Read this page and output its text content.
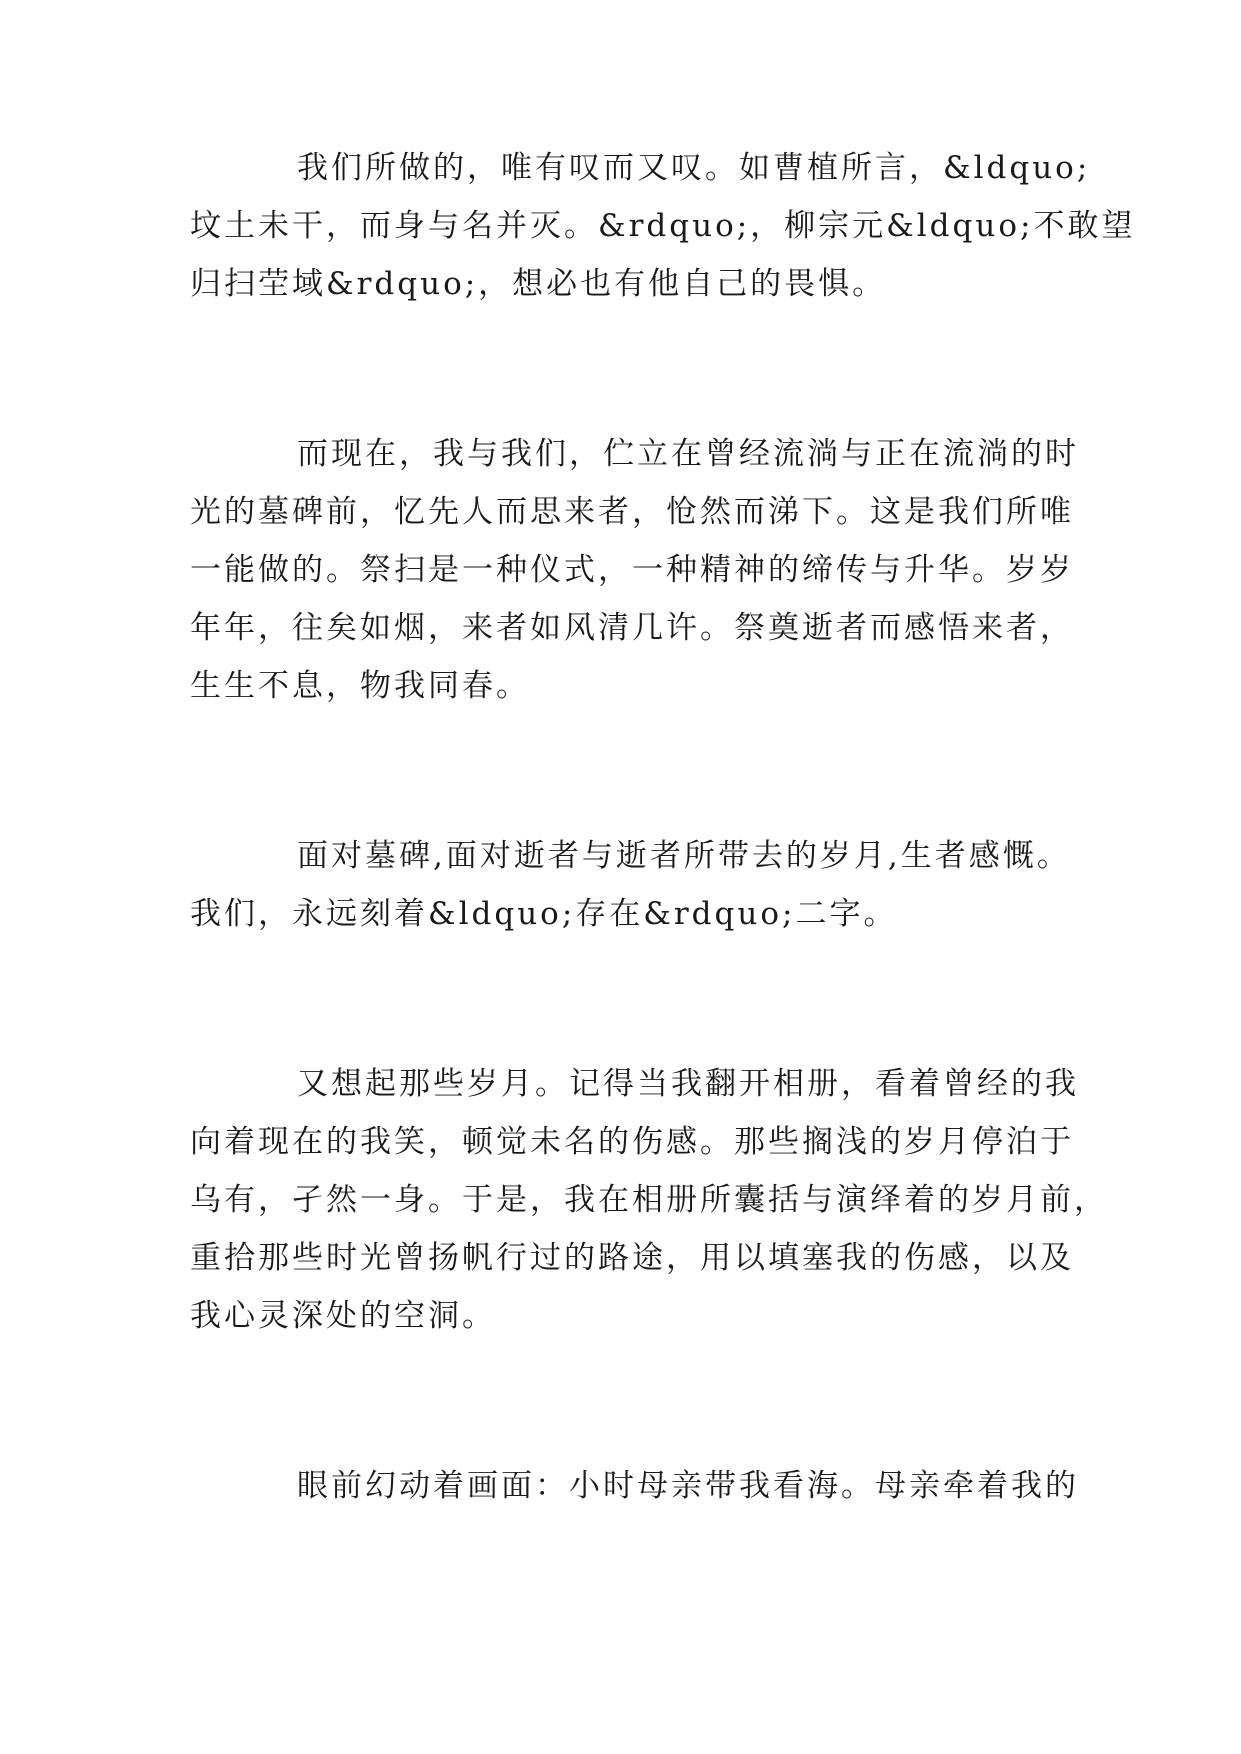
我们所做的，唯有叹而又叹。如曹植所言，&ldquo;
坟土未干，而身与名并灭。&rdquo;，柳宗元&ldquo;不敢望
归扫茔域&rdquo;，想必也有他自己的畏惧。
而现在，我与我们，伫立在曾经流淌与正在流淌的时
光的墓碑前，忆先人而思来者，怆然而涕下。这是我们所唯
一能做的。祭扫是一种仪式，一种精神的缔传与升华。岁岁
年年，往矣如烟，来者如风清几许。祭奠逝者而感悟来者，
生生不息，物我同春。
面对墓碑,面对逝者与逝者所带去的岁月,生者感慨。
我们，永远刻着&ldquo;存在&rdquo;二字。
又想起那些岁月。记得当我翻开相册，看着曾经的我
向着现在的我笑，顿觉未名的伤感。那些搁浅的岁月停泊于
乌有，孑然一身。于是，我在相册所囊括与演绎着的岁月前，
重拾那些时光曾扬帆行过的路途，用以填塞我的伤感，以及
我心灵深处的空洞。
眼前幻动着画面：小时母亲带我看海。母亲牵着我的
